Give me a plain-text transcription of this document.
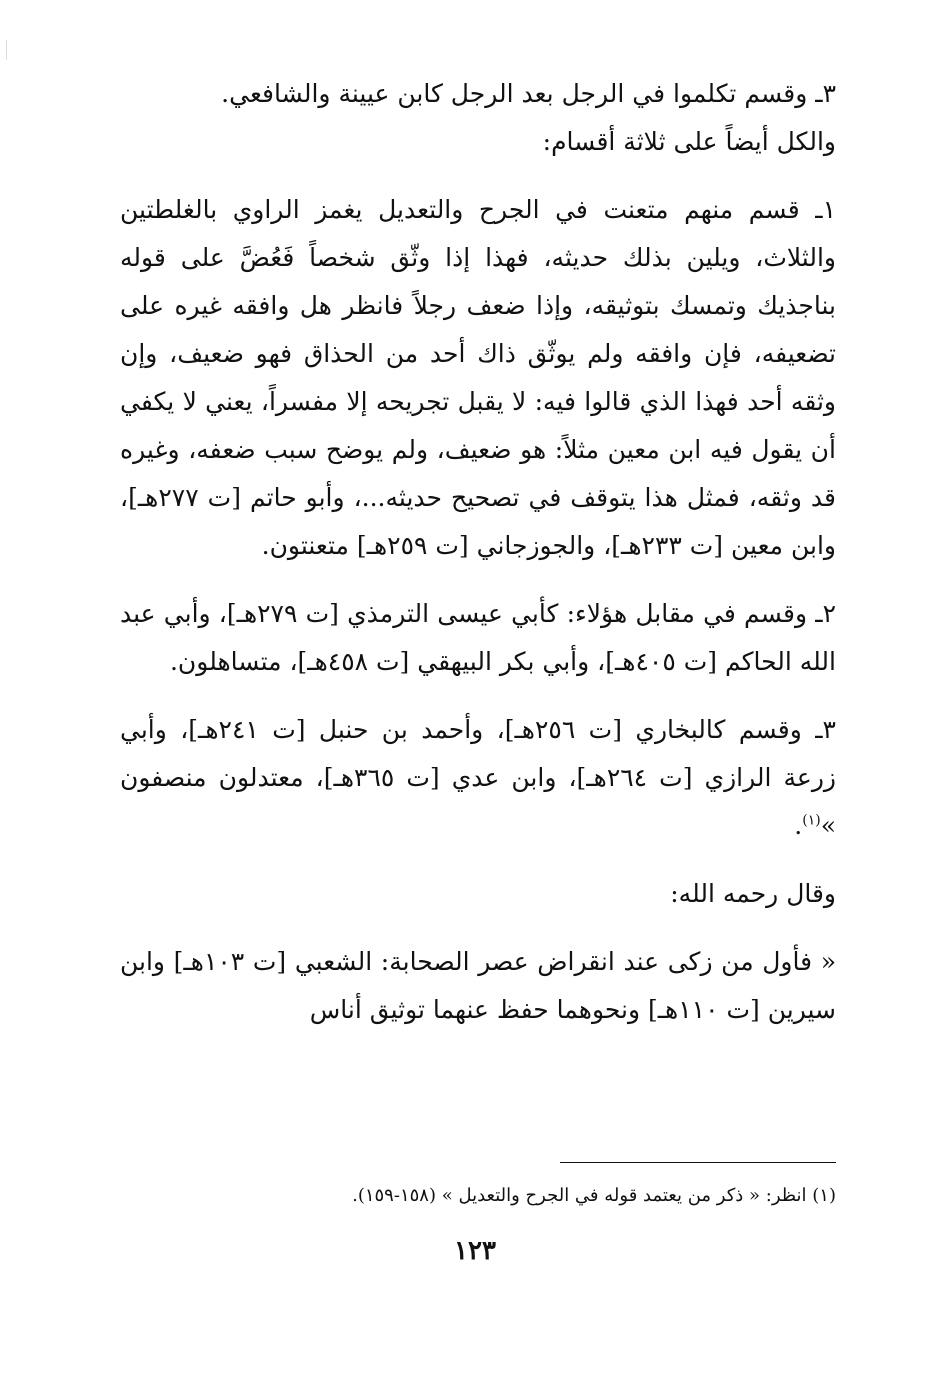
٣ـ وقسم تكلموا في الرجل بعد الرجل كابن عيينة والشافعي.

والكل أيضاً على ثلاثة أقسام:

١ـ قسم منهم متعنت في الجرح والتعديل يغمز الراوي بالغلطتين والثلاث، ويلين بذلك حديثه، فهذا إذا وثّق شخصاً فَعُضَّ على قوله بناجذيك وتمسك بتوثيقه، وإذا ضعف رجلاً فانظر هل وافقه غيره على تضعيفه، فإن وافقه ولم يوثّق ذاك أحد من الحذاق فهو ضعيف، وإن وثقه أحد فهذا الذي قالوا فيه: لا يقبل تجريحه إلا مفسراً، يعني لا يكفي أن يقول فيه ابن معين مثلاً: هو ضعيف، ولم يوضح سبب ضعفه، وغيره قد وثقه، فمثل هذا يتوقف في تصحيح حديثه...، وأبو حاتم [ت ٢٧٧هـ]، وابن معين [ت ٢٣٣هـ]، والجوزجاني [ت ٢٥٩هـ] متعنتون.

٢ـ وقسم في مقابل هؤلاء: كأبي عيسى الترمذي [ت ٢٧٩هـ]، وأبي عبد الله الحاكم [ت ٤٠٥هـ]، وأبي بكر البيهقي [ت ٤٥٨هـ]، متساهلون.

٣ـ وقسم كالبخاري [ت ٢٥٦هـ]، وأحمد بن حنبل [ت ٢٤١هـ]، وأبي زرعة الرازي [ت ٢٦٤هـ]، وابن عدي [ت ٣٦٥هـ]، معتدلون منصفون »$^{(١)}$.

وقال رحمه الله:

« فأول من زكى عند انقراض عصر الصحابة: الشعبي [ت ١٠٣هـ] وابن سيرين [ت ١١٠هـ] ونحوهما حفظ عنهما توثيق أناس

(١) انظر: « ذكر من يعتمد قوله في الجرح والتعديل » (١٥٨-١٥٩).
١٢٣
